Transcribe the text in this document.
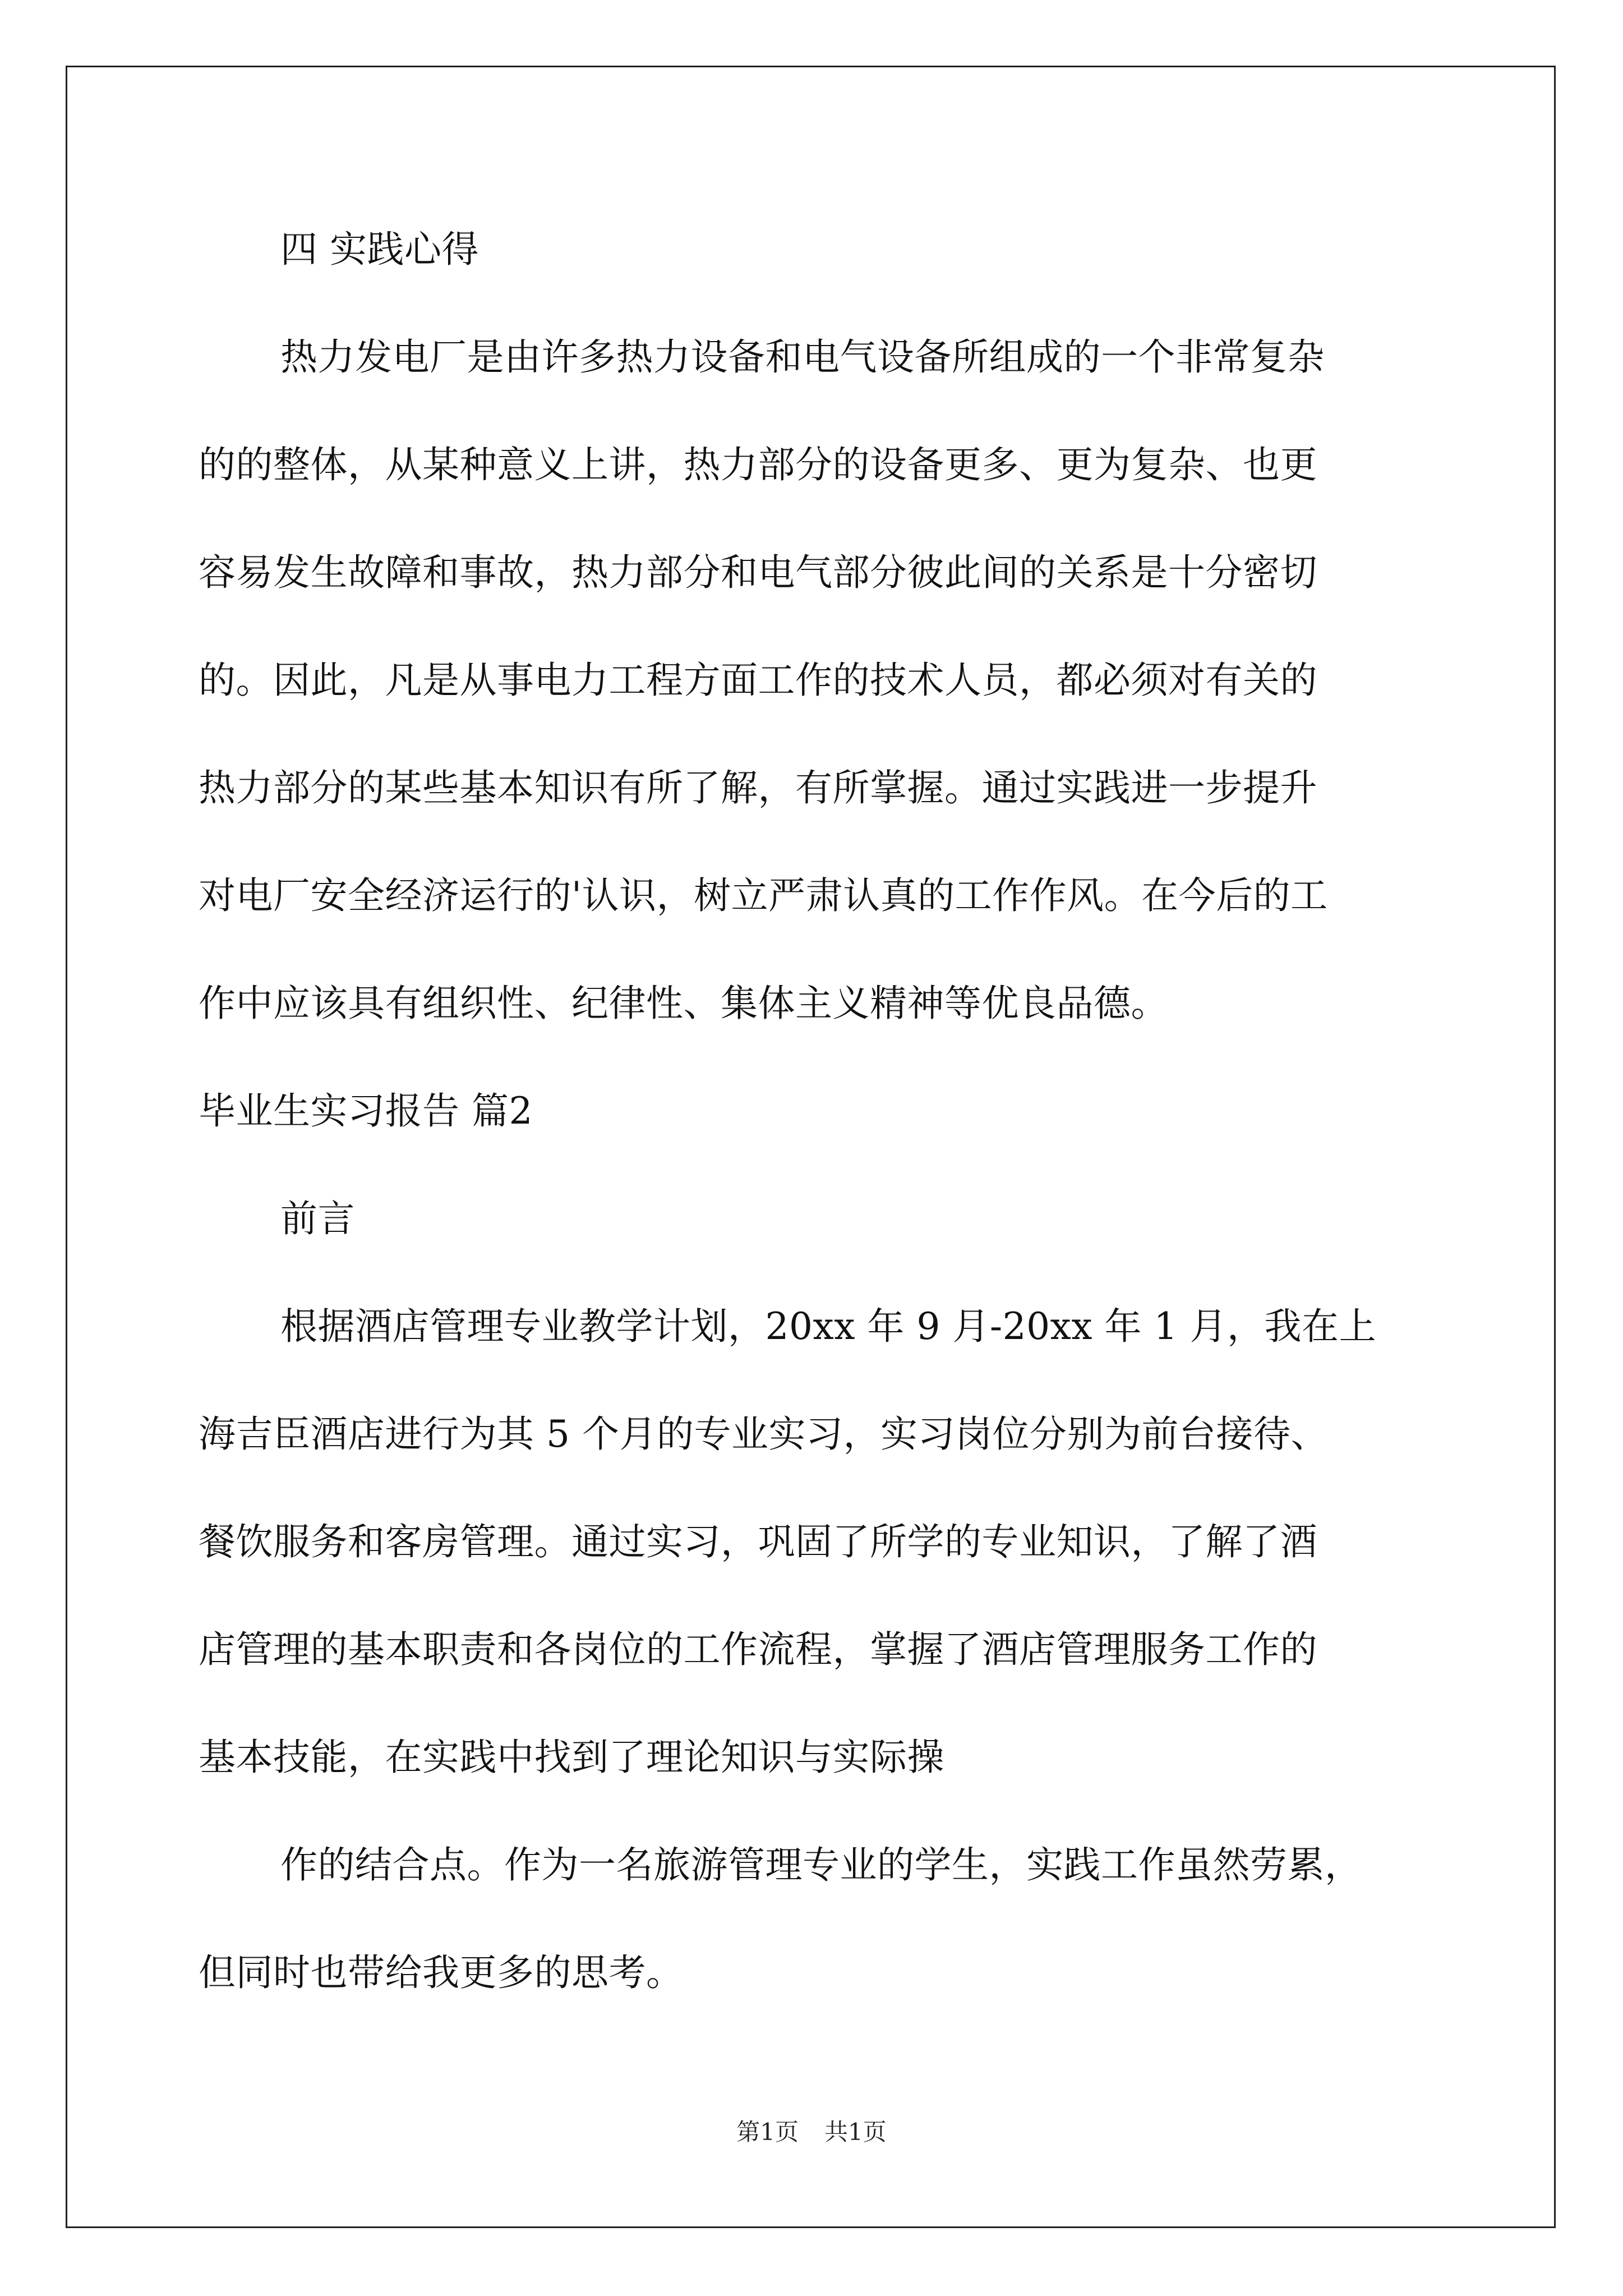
四 实践心得
热力发电厂是由许多热力设备和电气设备所组成的一个非常复杂
的的整体，从某种意义上讲，热力部分的设备更多、更为复杂、也更
容易发生故障和事故，热力部分和电气部分彼此间的关系是十分密切
的。因此，凡是从事电力工程方面工作的技术人员，都必须对有关的
热力部分的某些基本知识有所了解，有所掌握。通过实践进一步提升
对电厂安全经济运行的'认识，树立严肃认真的工作作风。在今后的工
作中应该具有组织性、纪律性、集体主义精神等优良品德。
毕业生实习报告 篇2
前言
根据酒店管理专业教学计划，20xx 年 9 月-20xx 年 1 月，我在上
海吉臣酒店进行为其 5 个月的专业实习，实习岗位分别为前台接待、
餐饮服务和客房管理。通过实习，巩固了所学的专业知识，了解了酒
店管理的基本职责和各岗位的工作流程，掌握了酒店管理服务工作的
基本技能，在实践中找到了理论知识与实际操
作的结合点。作为一名旅游管理专业的学生，实践工作虽然劳累，
但同时也带给我更多的思考。
第1页 共1页
